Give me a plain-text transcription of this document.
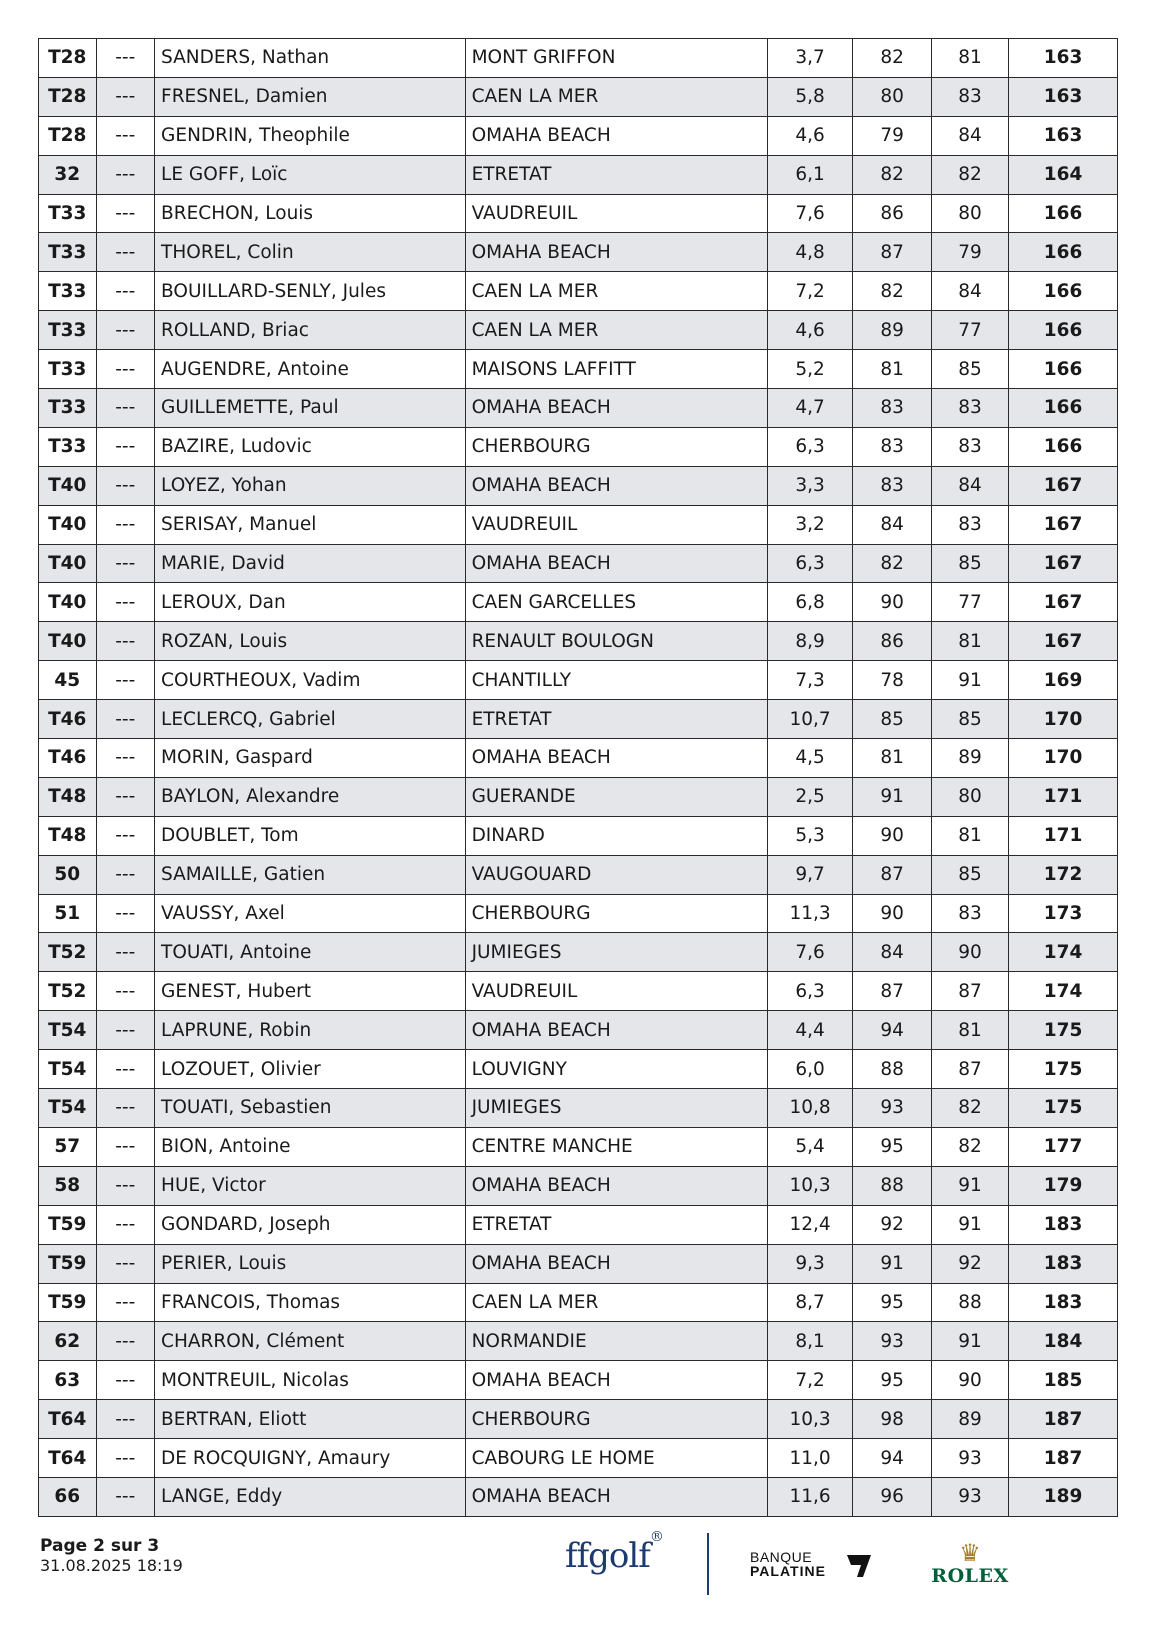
T28	---	SANDERS, Nathan	MONT GRIFFON	3,7	82	81	163
T28	---	FRESNEL, Damien	CAEN LA MER	5,8	80	83	163
T28	---	GENDRIN, Theophile	OMAHA BEACH	4,6	79	84	163
32	---	LE GOFF, Loïc	ETRETAT	6,1	82	82	164
T33	---	BRECHON, Louis	VAUDREUIL	7,6	86	80	166
T33	---	THOREL, Colin	OMAHA BEACH	4,8	87	79	166
T33	---	BOUILLARD-SENLY, Jules	CAEN LA MER	7,2	82	84	166
T33	---	ROLLAND, Briac	CAEN LA MER	4,6	89	77	166
T33	---	AUGENDRE, Antoine	MAISONS LAFFITT	5,2	81	85	166
T33	---	GUILLEMETTE, Paul	OMAHA BEACH	4,7	83	83	166
T33	---	BAZIRE, Ludovic	CHERBOURG	6,3	83	83	166
T40	---	LOYEZ, Yohan	OMAHA BEACH	3,3	83	84	167
T40	---	SERISAY, Manuel	VAUDREUIL	3,2	84	83	167
T40	---	MARIE, David	OMAHA BEACH	6,3	82	85	167
T40	---	LEROUX, Dan	CAEN GARCELLES	6,8	90	77	167
T40	---	ROZAN, Louis	RENAULT BOULOGN	8,9	86	81	167
45	---	COURTHEOUX, Vadim	CHANTILLY	7,3	78	91	169
T46	---	LECLERCQ, Gabriel	ETRETAT	10,7	85	85	170
T46	---	MORIN, Gaspard	OMAHA BEACH	4,5	81	89	170
T48	---	BAYLON, Alexandre	GUERANDE	2,5	91	80	171
T48	---	DOUBLET, Tom	DINARD	5,3	90	81	171
50	---	SAMAILLE, Gatien	VAUGOUARD	9,7	87	85	172
51	---	VAUSSY, Axel	CHERBOURG	11,3	90	83	173
T52	---	TOUATI, Antoine	JUMIEGES	7,6	84	90	174
T52	---	GENEST, Hubert	VAUDREUIL	6,3	87	87	174
T54	---	LAPRUNE, Robin	OMAHA BEACH	4,4	94	81	175
T54	---	LOZOUET, Olivier	LOUVIGNY	6,0	88	87	175
T54	---	TOUATI, Sebastien	JUMIEGES	10,8	93	82	175
57	---	BION, Antoine	CENTRE MANCHE	5,4	95	82	177
58	---	HUE, Victor	OMAHA BEACH	10,3	88	91	179
T59	---	GONDARD, Joseph	ETRETAT	12,4	92	91	183
T59	---	PERIER, Louis	OMAHA BEACH	9,3	91	92	183
T59	---	FRANCOIS, Thomas	CAEN LA MER	8,7	95	88	183
62	---	CHARRON, Clément	NORMANDIE	8,1	93	91	184
63	---	MONTREUIL, Nicolas	OMAHA BEACH	7,2	95	90	185
T64	---	BERTRAN, Eliott	CHERBOURG	10,3	98	89	187
T64	---	DE ROCQUIGNY, Amaury	CABOURG LE HOME	11,0	94	93	187
66	---	LANGE, Eddy	OMAHA BEACH	11,6	96	93	189
Page 2 sur 3
31.08.2025 18:19	ffgolf®
BANQUE
PALATINE
♛
ROLEX
